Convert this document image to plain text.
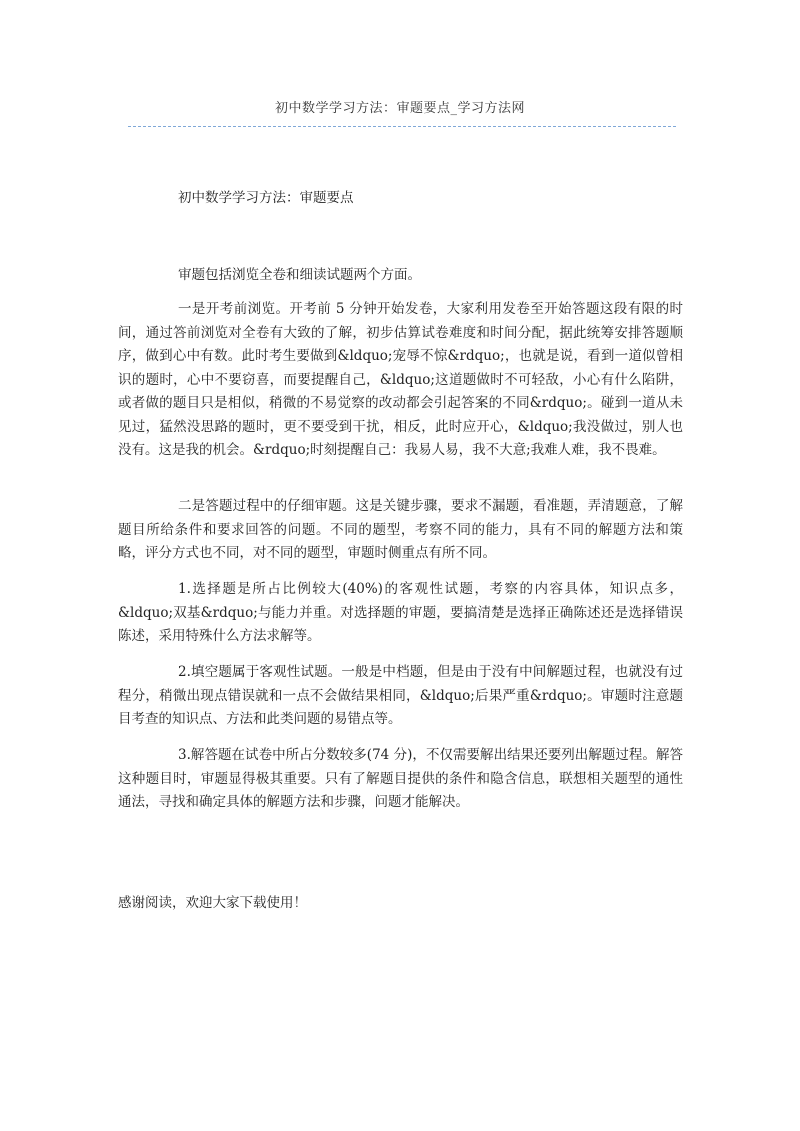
初中数学学习方法：审题要点_学习方法网
初中数学学习方法：审题要点

审题包括浏览全卷和细读试题两个方面。

一是开考前浏览。开考前 5 分钟开始发卷，大家利用发卷至开始答题这段有限的时间，通过答前浏览对全卷有大致的了解，初步估算试卷难度和时间分配，据此统筹安排答题顺序，做到心中有数。此时考生要做到&ldquo;宠辱不惊&rdquo;，也就是说，看到一道似曾相识的题时，心中不要窃喜，而要提醒自己，&ldquo;这道题做时不可轻敌，小心有什么陷阱，或者做的题目只是相似，稍微的不易觉察的改动都会引起答案的不同&rdquo;。碰到一道从未见过，猛然没思路的题时，更不要受到干扰，相反，此时应开心，&ldquo;我没做过，别人也没有。这是我的机会。&rdquo;时刻提醒自己：我易人易，我不大意;我难人难，我不畏难。

二是答题过程中的仔细审题。这是关键步骤，要求不漏题，看准题，弄清题意，了解题目所给条件和要求回答的问题。不同的题型，考察不同的能力，具有不同的解题方法和策略，评分方式也不同，对不同的题型，审题时侧重点有所不同。

1.选择题是所占比例较大(40%)的客观性试题，考察的内容具体，知识点多，&ldquo;双基&rdquo;与能力并重。对选择题的审题，要搞清楚是选择正确陈述还是选择错误陈述，采用特殊什么方法求解等。

2.填空题属于客观性试题。一般是中档题，但是由于没有中间解题过程，也就没有过程分，稍微出现点错误就和一点不会做结果相同，&ldquo;后果严重&rdquo;。审题时注意题目考查的知识点、方法和此类问题的易错点等。

3.解答题在试卷中所占分数较多(74 分)，不仅需要解出结果还要列出解题过程。解答这种题目时，审题显得极其重要。只有了解题目提供的条件和隐含信息，联想相关题型的通性通法，寻找和确定具体的解题方法和步骤，问题才能解决。

感谢阅读，欢迎大家下载使用！
